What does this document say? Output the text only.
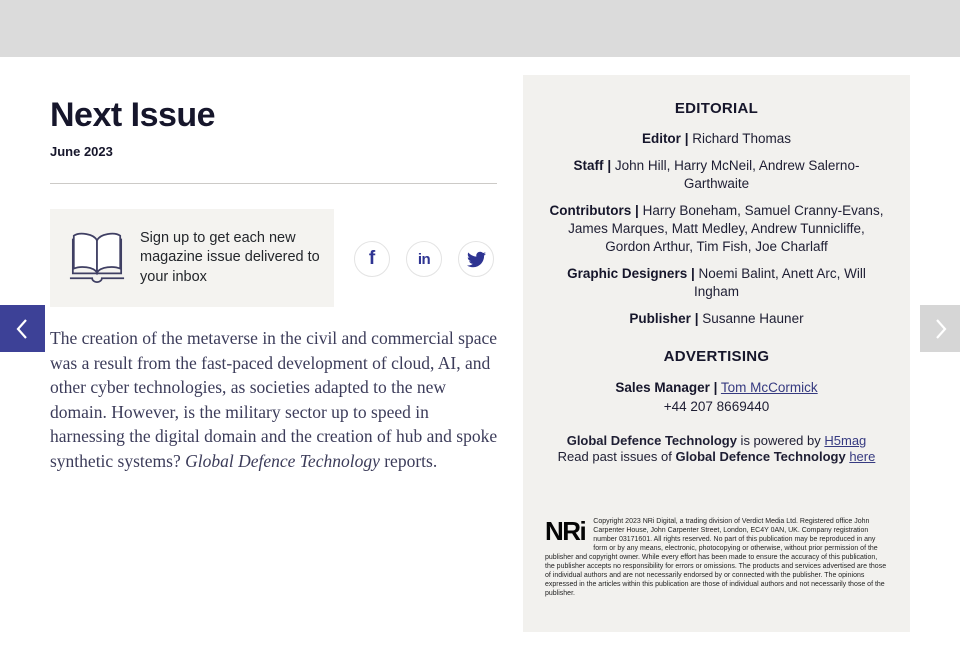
Next Issue
June 2023
Sign up to get each new magazine issue delivered to your inbox
f	in

The creation of the metaverse in the civil and commercial space was a result from the fast-paced development of cloud, AI, and other cyber technologies, as societies adapted to the new domain. However, is the military sector up to speed in harnessing the digital domain and the creation of hub and spoke synthetic systems? Global Defence Technology reports.

EDITORIAL
Editor | Richard Thomas
Staff | John Hill, Harry McNeil, Andrew Salerno-Garthwaite
Contributors | Harry Boneham, Samuel Cranny-Evans, James Marques, Matt Medley, Andrew Tunnicliffe, Gordon Arthur, Tim Fish, Joe Charlaff
Graphic Designers | Noemi Balint, Anett Arc, Will Ingham
Publisher | Susanne Hauner
ADVERTISING
Sales Manager | Tom McCormick
+44 207 8669440
Global Defence Technology is powered by H5mag
Read past issues of Global Defence Technology here
NRi Copyright 2023 NRi Digital, a trading division of Verdict Media Ltd. Registered office John Carpenter House, John Carpenter Street, London, EC4Y 0AN, UK. Company registration number 03171601. All rights reserved. No part of this publication may be reproduced in any form or by any means, electronic, photocopying or otherwise, without prior permission of the publisher and copyright owner. While every effort has been made to ensure the accuracy of this publication, the publisher accepts no responsibility for errors or omissions. The products and services advertised are those of individual authors and are not necessarily endorsed by or connected with the publisher. The opinions expressed in the articles within this publication are those of individual authors and not necessarily those of the publisher.
